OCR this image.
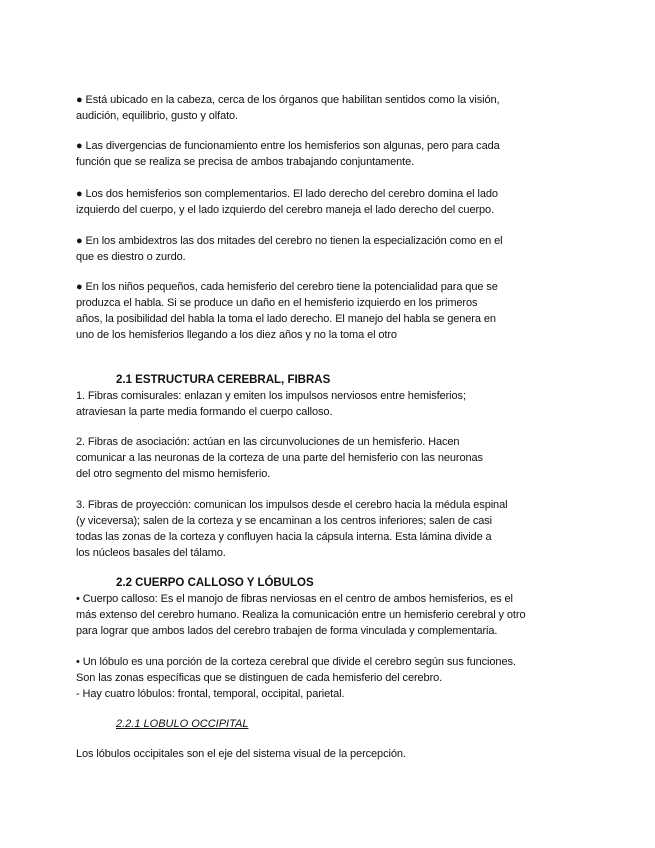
● Está ubicado en la cabeza, cerca de los órganos que habilitan sentidos como la visión,
audición, equilibrio, gusto y olfato.
● Las divergencias de funcionamiento entre los hemisferios son algunas, pero para cada
función que se realiza se precisa de ambos trabajando conjuntamente.
● Los dos hemisferios son complementarios. El lado derecho del cerebro domina el lado
izquierdo del cuerpo, y el lado izquierdo del cerebro maneja el lado derecho del cuerpo.
● En los ambidextros las dos mitades del cerebro no tienen la especialización como en el
que es diestro o zurdo.
● En los niños pequeños, cada hemisferio del cerebro tiene la potencialidad para que se
produzca el habla. Si se produce un daño en el hemisferio izquierdo en los primeros
años, la posibilidad del habla la toma el lado derecho. El manejo del habla se genera en
uno de los hemisferios llegando a los diez años y no la toma el otro
2.1 ESTRUCTURA CEREBRAL, FIBRAS
1. Fibras comisurales: enlazan y emiten los impulsos nerviosos entre hemisferios;
atraviesan la parte media formando el cuerpo calloso.
2. Fibras de asociación: actúan en las circunvoluciones de un hemisferio. Hacen
comunicar a las neuronas de la corteza de una parte del hemisferio con las neuronas
del otro segmento del mismo hemisferio.
3. Fibras de proyección: comunican los impulsos desde el cerebro hacia la médula espinal
(y viceversa); salen de la corteza y se encaminan a los centros inferiores; salen de casi
todas las zonas de la corteza y confluyen hacia la cápsula interna. Esta lámina divide a
los núcleos basales del tálamo.
2.2 CUERPO CALLOSO Y LÓBULOS
• Cuerpo calloso: Es el manojo de fibras nerviosas en el centro de ambos hemisferios, es el
más extenso del cerebro humano. Realiza la comunicación entre un hemisferio cerebral y otro
para lograr que ambos lados del cerebro trabajen de forma vinculada y complementaria.
• Un lóbulo es una porción de la corteza cerebral que divide el cerebro según sus funciones.
Son las zonas específicas que se distinguen de cada hemisferio del cerebro.
- Hay cuatro lóbulos: frontal, temporal, occipital, parietal.
2.2.1 LOBULO OCCIPITAL
Los lóbulos occipitales son el eje del sistema visual de la percepción.
